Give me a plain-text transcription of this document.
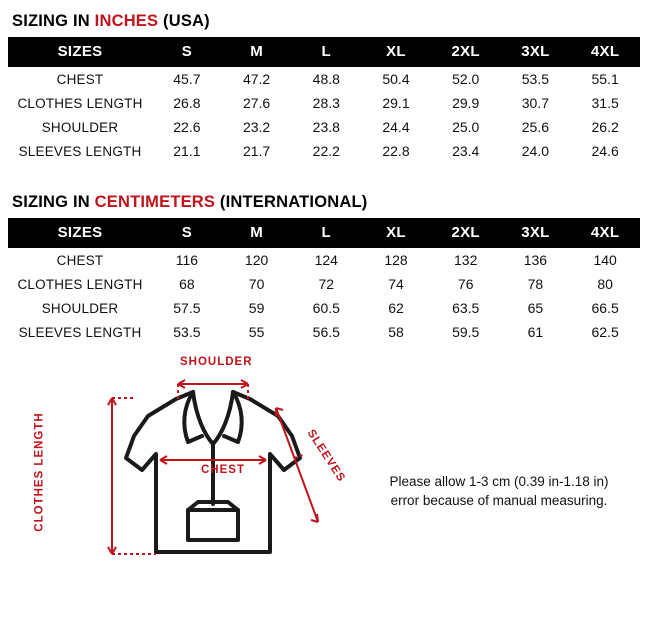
SIZING IN INCHES (USA)
SIZES	S	M	L	XL	2XL	3XL	4XL
CHEST	45.7	47.2	48.8	50.4	52.0	53.5	55.1
CLOTHES LENGTH	26.8	27.6	28.3	29.1	29.9	30.7	31.5
SHOULDER	22.6	23.2	23.8	24.4	25.0	25.6	26.2
SLEEVES LENGTH	21.1	21.7	22.2	22.8	23.4	24.0	24.6
SIZING IN CENTIMETERS (INTERNATIONAL)
SIZES	S	M	L	XL	2XL	3XL	4XL
CHEST	116	120	124	128	132	136	140
CLOTHES LENGTH	68	70	72	74	76	78	80
SHOULDER	57.5	59	60.5	62	63.5	65	66.5
SLEEVES LENGTH	53.5	55	56.5	58	59.5	61	62.5
SHOULDER
CHEST
CLOTHES LENGTH	SLEEVES	Please allow 1-3 cm (0.39 in-1.18 in) error because of manual measuring.
